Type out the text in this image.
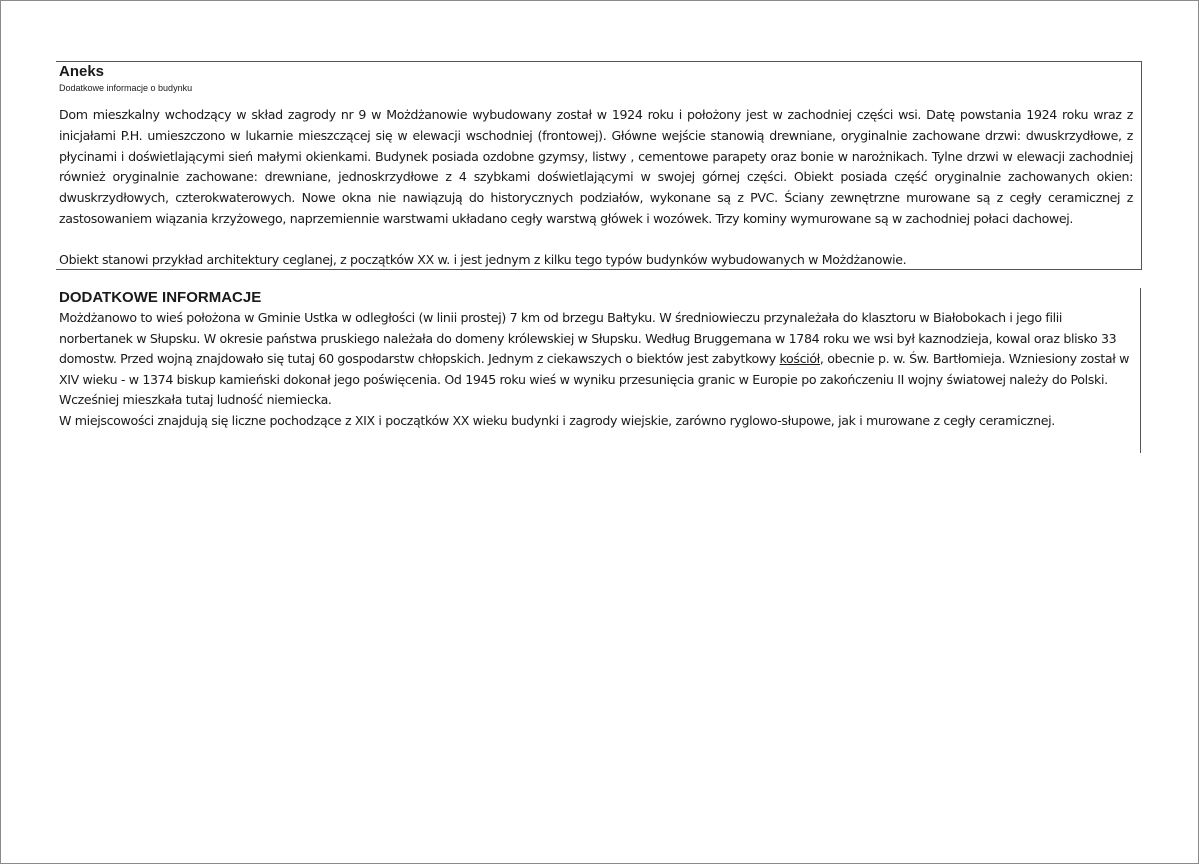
Aneks
Dodatkowe informacje o budynku

Dom mieszkalny wchodzący w skład zagrody nr 9 w Możdżanowie wybudowany został w 1924 roku i położony jest w zachodniej części wsi. Datę powstania 1924 roku wraz z inicjałami P.H. umieszczono w lukarnie mieszczącej się w elewacji wschodniej (frontowej). Główne wejście stanowią drewniane, oryginalnie zachowane drzwi: dwuskrzydłowe, z płycinami i doświetlającymi sień małymi okienkami. Budynek posiada ozdobne gzymsy, listwy , cementowe parapety oraz bonie w narożnikach. Tylne drzwi w elewacji zachodniej również oryginalnie zachowane: drewniane, jednoskrzydłowe z 4 szybkami doświetlającymi w swojej górnej części. Obiekt posiada część oryginalnie zachowanych okien: dwuskrzydłowych, czterokwaterowych. Nowe okna nie nawiązują do historycznych podziałów, wykonane są z PVC. Ściany zewnętrzne murowane są z cegły ceramicznej z zastosowaniem wiązania krzyżowego, naprzemiennie warstwami układano cegły warstwą główek i wozówek. Trzy kominy wymurowane są w zachodniej połaci dachowej.

Obiekt stanowi przykład architektury ceglanej, z początków XX w. i jest jednym z kilku tego typów budynków wybudowanych w Możdżanowie.

DODATKOWE INFORMACJE

Możdżanowo to wieś położona w Gminie Ustka w odległości (w linii prostej) 7 km od brzegu Bałtyku. W średniowieczu przynależała do klasztoru w Białobokach i jego filii norbertanek w Słupsku. W okresie państwa pruskiego należała do domeny królewskiej w Słupsku. Według Bruggemana w 1784 roku we wsi był kaznodzieja, kowal oraz blisko 33 domostw. Przed wojną znajdowało się tutaj 60 gospodarstw chłopskich. Jednym z ciekawszych o biektów jest zabytkowy kościół, obecnie p. w. Św. Bartłomieja. Wzniesiony został w XIV wieku - w 1374 biskup kamieński dokonał jego poświęcenia. Od 1945 roku wieś w wyniku przesunięcia granic w Europie po zakończeniu II wojny światowej należy do Polski. Wcześniej mieszkała tutaj ludność niemiecka.

W miejscowości znajdują się liczne pochodzące z XIX i początków XX wieku budynki i zagrody wiejskie, zarówno ryglowo-słupowe, jak i murowane z cegły ceramicznej.
